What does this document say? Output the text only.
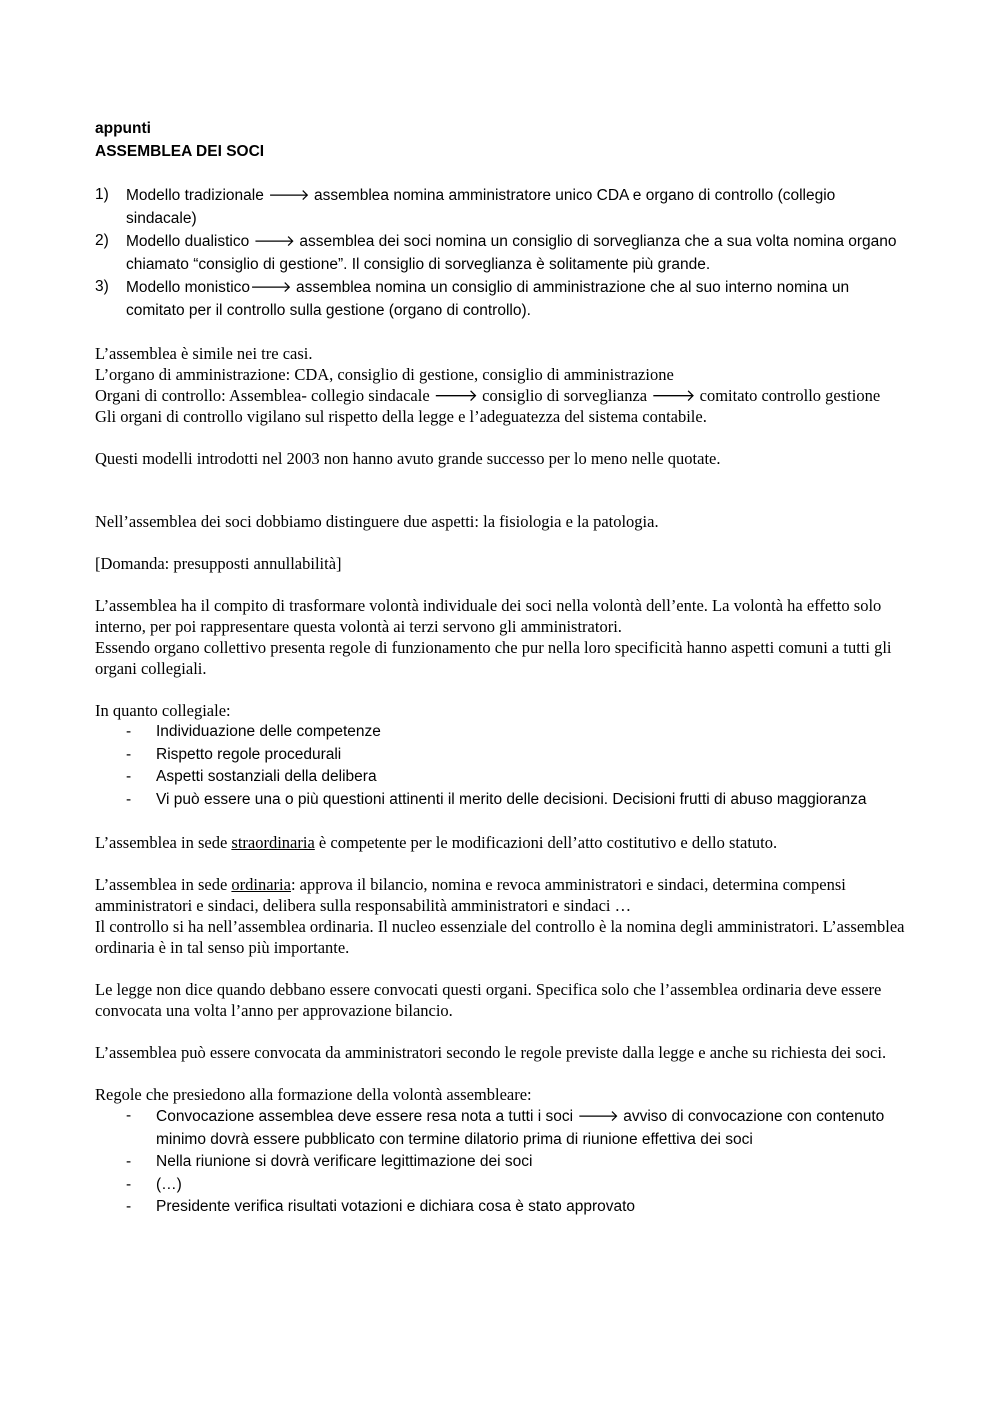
appunti

ASSEMBLEA DEI SOCI

1) Modello tradizionale 🡒 assemblea nomina amministratore unico CDA e organo di controllo (collegio sindacale)
2) Modello dualistico 🡒 assemblea dei soci nomina un consiglio di sorveglianza che a sua volta nomina organo chiamato “consiglio di gestione”. Il consiglio di sorveglianza è solitamente più grande.
3) Modello monistico🡒 assemblea nomina un consiglio di amministrazione che al suo interno nomina un comitato per il controllo sulla gestione (organo di controllo).

L’assemblea è simile nei tre casi.

L’organo di amministrazione: CDA, consiglio di gestione, consiglio di amministrazione

Organi di controllo: Assemblea- collegio sindacale 🡒 consiglio di sorveglianza 🡒 comitato controllo gestione

Gli organi di controllo vigilano sul rispetto della legge e l’adeguatezza del sistema contabile.

Questi modelli introdotti nel 2003 non hanno avuto grande successo per lo meno nelle quotate.

Nell’assemblea dei soci dobbiamo distinguere due aspetti: la fisiologia e la patologia.

[Domanda: presupposti annullabilità]

L’assemblea ha il compito di trasformare volontà individuale dei soci nella volontà dell’ente. La volontà ha effetto solo interno, per poi rappresentare questa volontà ai terzi servono gli amministratori.

Essendo organo collettivo presenta regole di funzionamento che pur nella loro specificità hanno aspetti comuni a tutti gli organi collegiali.

In quanto collegiale:

- Individuazione delle competenze
- Rispetto regole procedurali
- Aspetti sostanziali della delibera
- Vi può essere una o più questioni attinenti il merito delle decisioni. Decisioni frutti di abuso maggioranza

L’assemblea in sede straordinaria è competente per le modificazioni dell’atto costitutivo e dello statuto.

L’assemblea in sede ordinaria: approva il bilancio, nomina e revoca amministratori e sindaci, determina compensi amministratori e sindaci, delibera sulla responsabilità amministratori e sindaci …

Il controllo si ha nell’assemblea ordinaria. Il nucleo essenziale del controllo è la nomina degli amministratori. L’assemblea ordinaria è in tal senso più importante.

Le legge non dice quando debbano essere convocati questi organi. Specifica solo che l’assemblea ordinaria deve essere convocata una volta l’anno per approvazione bilancio.

L’assemblea può essere convocata da amministratori secondo le regole previste dalla legge e anche su richiesta dei soci.

Regole che presiedono alla formazione della volontà assembleare:

- Convocazione assemblea deve essere resa nota a tutti i soci 🡒 avviso di convocazione con contenuto minimo dovrà essere pubblicato con termine dilatorio prima di riunione effettiva dei soci
- Nella riunione si dovrà verificare legittimazione dei soci
- (…)
- Presidente verifica risultati votazioni e dichiara cosa è stato approvato
